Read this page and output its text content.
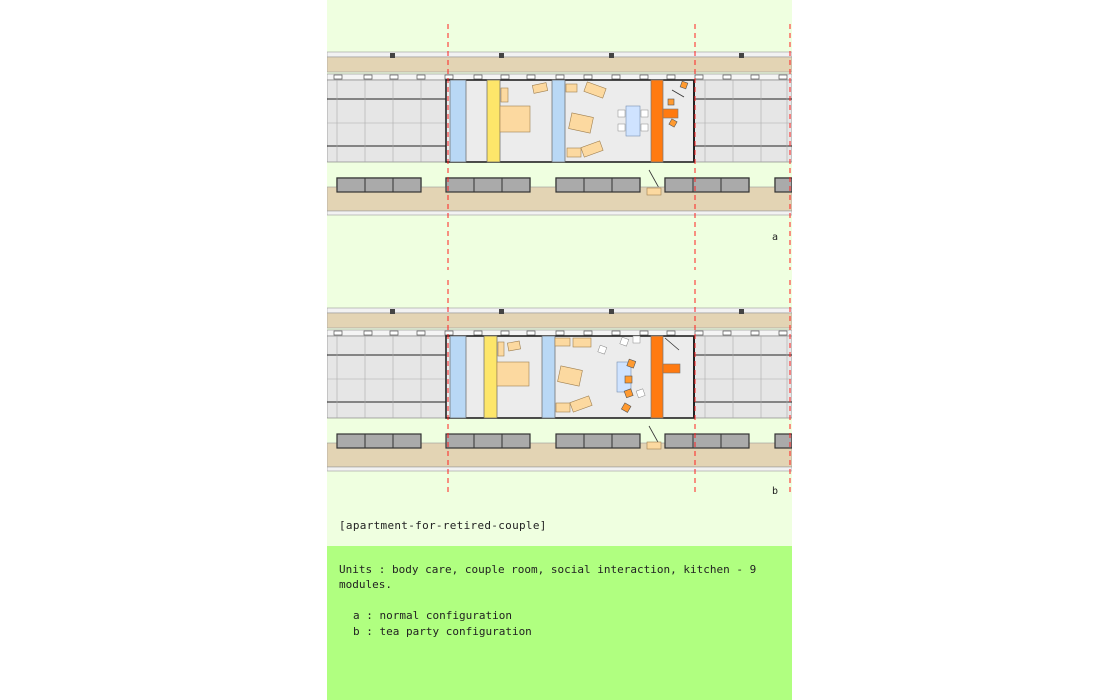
a
b
[apartment-for-retired-couple]

Units : body care, couple room, social interaction, kitchen - 9 modules.

a : normal configuration
b : tea party configuration
